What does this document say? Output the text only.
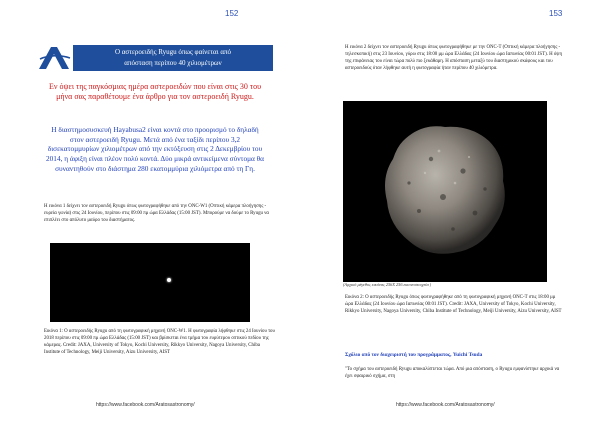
152
Ο αστεροειδής Ryugu όπως φαίνεται από
απόσταση περίπου 40 χιλιομέτρων
Εν όψει της παγκόσμιας ημέρα αστεροειδών που είναι στις 30 του μήνα σας παραθέτουμε ένα άρθρο για τον αστεροειδή Ryugu.
Η διαστημοσυσκευή Hayabusa2 είναι κοντά στο προορισμό το δηλαδή στον αστεροειδή Ryugu. Μετά από ένα ταξίδι περίπου 3,2 δισεκατομμυρίων χιλιομέτρων από την εκτόξευση στις 2 Δεκεμβρίου του 2014, η άφιξη είναι πλέον πολύ κοντά. Δύο μικρά αντικείμενα σύντομα θα συναντηθούν στο διάστημα 280 εκατομμύρια χιλιόμετρα από τη Γη.
Η εικόνα 1 δείχνει τον αστεροειδή Ryugu όπως φωτογραφήθηκε από την ONC-W1 (Οπτική κάμερα πλοήγησης - ευρεία γωνία) στις 24 Ιουνίου, περίπου στις 09:00 πμ ώρα Ελλάδας (15:00 JST). Μπορούμε να δούμε το Ryugu να επιπλέει στο απόλυτο μαύρο του διαστήματος.
Εικόνα 1: Ο αστεροειδής Ryugu από τη φωτογραφική μηχανή ONC-W1. Η φωτογραφία λήφθηκε στις 24 Ιουνίου του 2018 περίπου στις 09:00 πμ ώρα Ελλάδας (15:00 JST) και βρίσκεται ένα τμήμα του ευρύτερου οπτικού πεδίου της κάμερας. Credit: JAXA, University of Tokyo, Kochi University, Rikkyo University, Nagoya University, Chiba Institute of Technology, Meiji University, Aizu University, AIST
https://www.facebook.com/Aratosastronomy/
153
https://www.facebook.com/Aratosastronomy/
Η εικόνα 2 δείχνει τον αστεροειδή Ryugu όπως φωτογραφήθηκε με την ONC-T (Οπτική κάμερα πλοήγησης - τηλεσκοπική) στις 23 Ιουνίου, γύρω στις 18:00 μμ ώρα Ελλάδας (24 Ιουνίου ώρα Ιαπωνίας 00:01 JST). Η όψη της επιφάνειας του είναι τώρα πολύ πιο ξεκάθαρη. Η απόσταση μεταξύ του διαστημικού σκάφους και του αστεροειδούς όταν λήφθηκε αυτή η φωτογραφία ήταν περίπου 40 χιλιόμετρα.
(Αρχικό μέγεθος εικόνας 256Χ 256 εικονοστοιχεία )
Εικόνα 2: Ο αστεροειδής Ryugu όπως φωτογραφήθηκε από τη φωτογραφική μηχανή ONC-T στις 18:00 μμ ώρα Ελλάδας (24 Ιουνίου ώρα Ιαπωνίας 00:01 JST). Credit: JAXA, University of Tokyo, Kochi University, Rikkyo University, Nagoya University, Chiba Institute of Technology, Meiji University, Aizu University, AIST
Σχόλιο από τον διαχειριστή του προγράμματος, Yuichi Tsuda
"Το σχήμα του αστεροειδή Ryugu αποκαλύπτεται τώρα. Από μια απόσταση, ο Ryugu εμφανίστηκε αρχικά να έχει σφαιρικό σχήμα, στη
